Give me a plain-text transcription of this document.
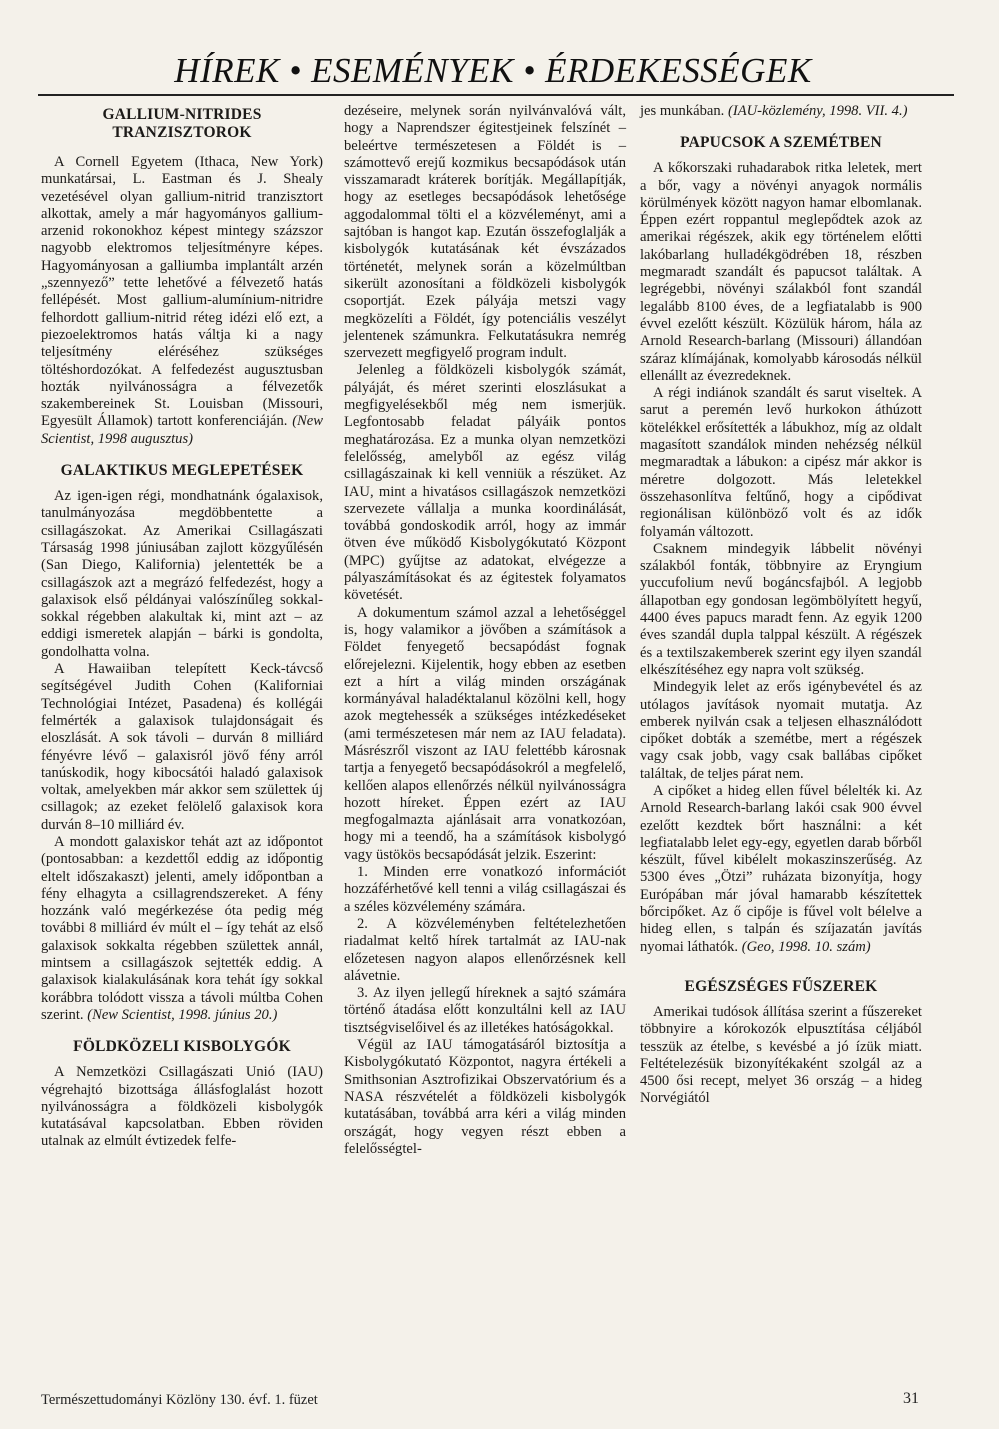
HÍREK • ESEMÉNYEK • ÉRDEKESSÉGEK
GALLIUM-NITRIDES TRANZISZTOROK

A Cornell Egyetem (Ithaca, New York) munkatársai, L. Eastman és J. Shealy vezetésével olyan gallium-nitrid tranzisztort alkottak, amely a már hagyományos gallium-arzenid rokonokhoz képest mintegy százszor nagyobb elektromos teljesítményre képes. Hagyományosan a galliumba implantált arzén „szennyező” tette lehetővé a félvezető hatás fellépését. Most gallium-alumínium-nitridre felhordott gallium-nitrid réteg idézi elő ezt, a piezoelektromos hatás váltja ki a nagy teljesítmény eléréséhez szükséges töltéshordozókat. A felfedezést augusztusban hozták nyilvánosságra a félvezetők szakembereinek St. Louisban (Missouri, Egyesült Államok) tartott konferenciáján. (New Scientist, 1998 augusztus)

GALAKTIKUS MEGLEPETÉSEK

Az igen-igen régi, mondhatnánk ógalaxisok, tanulmányozása megdöbbentette a csillagászokat. Az Amerikai Csillagászati Társaság 1998 júniusában zajlott közgyűlésén (San Diego, Kalifornia) jelentették be a csillagászok azt a megrázó felfedezést, hogy a galaxisok első példányai valószínűleg sokkal-sokkal régebben alakultak ki, mint azt – az eddigi ismeretek alapján – bárki is gondolta, gondolhatta volna.

A Hawaiiban telepített Keck-távcső segítségével Judith Cohen (Kaliforniai Technológiai Intézet, Pasadena) és kollégái felmérték a galaxisok tulajdonságait és eloszlását. A sok távoli – durván 8 milliárd fényévre lévő – galaxisról jövő fény arról tanúskodik, hogy kibocsátói haladó galaxisok voltak, amelyekben már akkor sem születtek új csillagok; az ezeket felölelő galaxisok kora durván 8–10 milliárd év.

A mondott galaxiskor tehát azt az időpontot (pontosabban: a kezdettől eddig az időpontig eltelt időszakaszt) jelenti, amely időpontban a fény elhagyta a csillagrendszereket. A fény hozzánk való megérkezése óta pedig még további 8 milliárd év múlt el – így tehát az első galaxisok sokkalta régebben születtek annál, mintsem a csillagászok sejtették eddig. A galaxisok kialakulásának kora tehát így sokkal korábbra tolódott vissza a távoli múltba Cohen szerint. (New Scientist, 1998. június 20.)

FÖLDKÖZELI KISBOLYGÓK

A Nemzetközi Csillagászati Unió (IAU) végrehajtó bizottsága állásfoglalást hozott nyilvánosságra a földközeli kisbolygók kutatásával kapcsolatban. Ebben röviden utalnak az elmúlt évtizedek felfe-

dezéseire, melynek során nyilvánvalóvá vált, hogy a Naprendszer égitestjeinek felszínét – beleértve természetesen a Földét is – számottevő erejű kozmikus becsapódások után visszamaradt kráterek borítják. Megállapítják, hogy az esetleges becsapódások lehetősége aggodalommal tölti el a közvéleményt, ami a sajtóban is hangot kap. Ezután összefoglalják a kisbolygók kutatásának két évszázados történetét, melynek során a közelmúltban sikerült azonosítani a földközeli kisbolygók csoportját. Ezek pályája metszi vagy megközelíti a Földét, így potenciális veszélyt jelentenek számunkra. Felkutatásukra nemrég szervezett megfigyelő program indult.

Jelenleg a földközeli kisbolygók számát, pályáját, és méret szerinti eloszlásukat a megfigyelésekből még nem ismerjük. Legfontosabb feladat pályáik pontos meghatározása. Ez a munka olyan nemzetközi felelősség, amelyből az egész világ csillagászainak ki kell venniük a részüket. Az IAU, mint a hivatásos csillagászok nemzetközi szervezete vállalja a munka koordinálását, továbbá gondoskodik arról, hogy az immár ötven éve működő Kisbolygókutató Központ (MPC) gyűjtse az adatokat, elvégezze a pályaszámításokat és az égitestek folyamatos követését.

A dokumentum számol azzal a lehetőséggel is, hogy valamikor a jövőben a számítások a Földet fenyegető becsapódást fognak előrejelezni. Kijelentik, hogy ebben az esetben ezt a hírt a világ minden országának kormányával haladéktalanul közölni kell, hogy azok megtehessék a szükséges intézkedéseket (ami természetesen már nem az IAU feladata). Másrészről viszont az IAU felettébb károsnak tartja a fenyegető becsapódásokról a megfelelő, kellően alapos ellenőrzés nélkül nyilvánosságra hozott híreket. Éppen ezért az IAU megfogalmazta ajánlásait arra vonatkozóan, hogy mi a teendő, ha a számítások kisbolygó vagy üstökös becsapódását jelzik. Eszerint:

1. Minden erre vonatkozó információt hozzáférhetővé kell tenni a világ csillagászai és a széles közvélemény számára.

2. A közvéleményben feltételezhetően riadalmat keltő hírek tartalmát az IAU-nak előzetesen nagyon alapos ellenőrzésnek kell alávetnie.

3. Az ilyen jellegű híreknek a sajtó számára történő átadása előtt konzultálni kell az IAU tisztségviselőivel és az illetékes hatóságokkal.

Végül az IAU támogatásáról biztosítja a Kisbolygókutató Központot, nagyra értékeli a Smithsonian Asztrofizikai Obszervatórium és a NASA részvételét a földközeli kisbolygók kutatásában, továbbá arra kéri a világ minden országát, hogy vegyen részt ebben a felelősségtel-

jes munkában. (IAU-közlemény, 1998. VII. 4.)

PAPUCSOK A SZEMÉTBEN

A kőkorszaki ruhadarabok ritka leletek, mert a bőr, vagy a növényi anyagok normális körülmények között nagyon hamar elbomlanak. Éppen ezért roppantul meglepődtek azok az amerikai régészek, akik egy történelem előtti lakóbarlang hulladékgödrében 18, részben megmaradt szandált és papucsot találtak. A legrégebbi, növényi szálakból font szandál legalább 8100 éves, de a legfiatalabb is 900 évvel ezelőtt készült. Közülük három, hála az Arnold Research-barlang (Missouri) állandóan száraz klímájának, komolyabb károsodás nélkül ellenállt az évezredeknek.

A régi indiánok szandált és sarut viseltek. A sarut a peremén levő hurkokon áthúzott kötelékkel erősítették a lábukhoz, míg az oldalt magasított szandálok minden nehézség nélkül megmaradtak a lábukon: a cipész már akkor is méretre dolgozott. Más leletekkel összehasonlítva feltűnő, hogy a cipődivat regionálisan különböző volt és az idők folyamán változott.

Csaknem mindegyik lábbelit növényi szálakból fonták, többnyire az Eryngium yuccufolium nevű bogáncsfajból. A legjobb állapotban egy gondosan legömbölyített hegyű, 4400 éves papucs maradt fenn. Az egyik 1200 éves szandál dupla talppal készült. A régészek és a textilszakemberek szerint egy ilyen szandál elkészítéséhez egy napra volt szükség.

Mindegyik lelet az erős igénybevétel és az utólagos javítások nyomait mutatja. Az emberek nyilván csak a teljesen elhasználódott cipőket dobták a szemétbe, mert a régészek vagy csak jobb, vagy csak ballábas cipőket találtak, de teljes párat nem.

A cipőket a hideg ellen fűvel bélelték ki. Az Arnold Research-barlang lakói csak 900 évvel ezelőtt kezdtek bőrt használni: a két legfiatalabb lelet egy-egy, egyetlen darab bőrből készült, fűvel kibélelt mokaszinszerűség. Az 5300 éves „Ötzi” ruházata bizonyítja, hogy Európában már jóval hamarabb készítettek bőrcipőket. Az ő cipője is fűvel volt bélelve a hideg ellen, s talpán és szíjazatán javítás nyomai láthatók. (Geo, 1998. 10. szám)

EGÉSZSÉGES FŰSZEREK

Amerikai tudósok állítása szerint a fűszereket többnyire a kórokozók elpusztítása céljából tesszük az ételbe, s kevésbé a jó ízük miatt. Feltételezésük bizonyítékaként szolgál az a 4500 ősi recept, melyet 36 ország – a hideg Norvégiától

Természettudományi Közlöny 130. évf. 1. füzet	31
